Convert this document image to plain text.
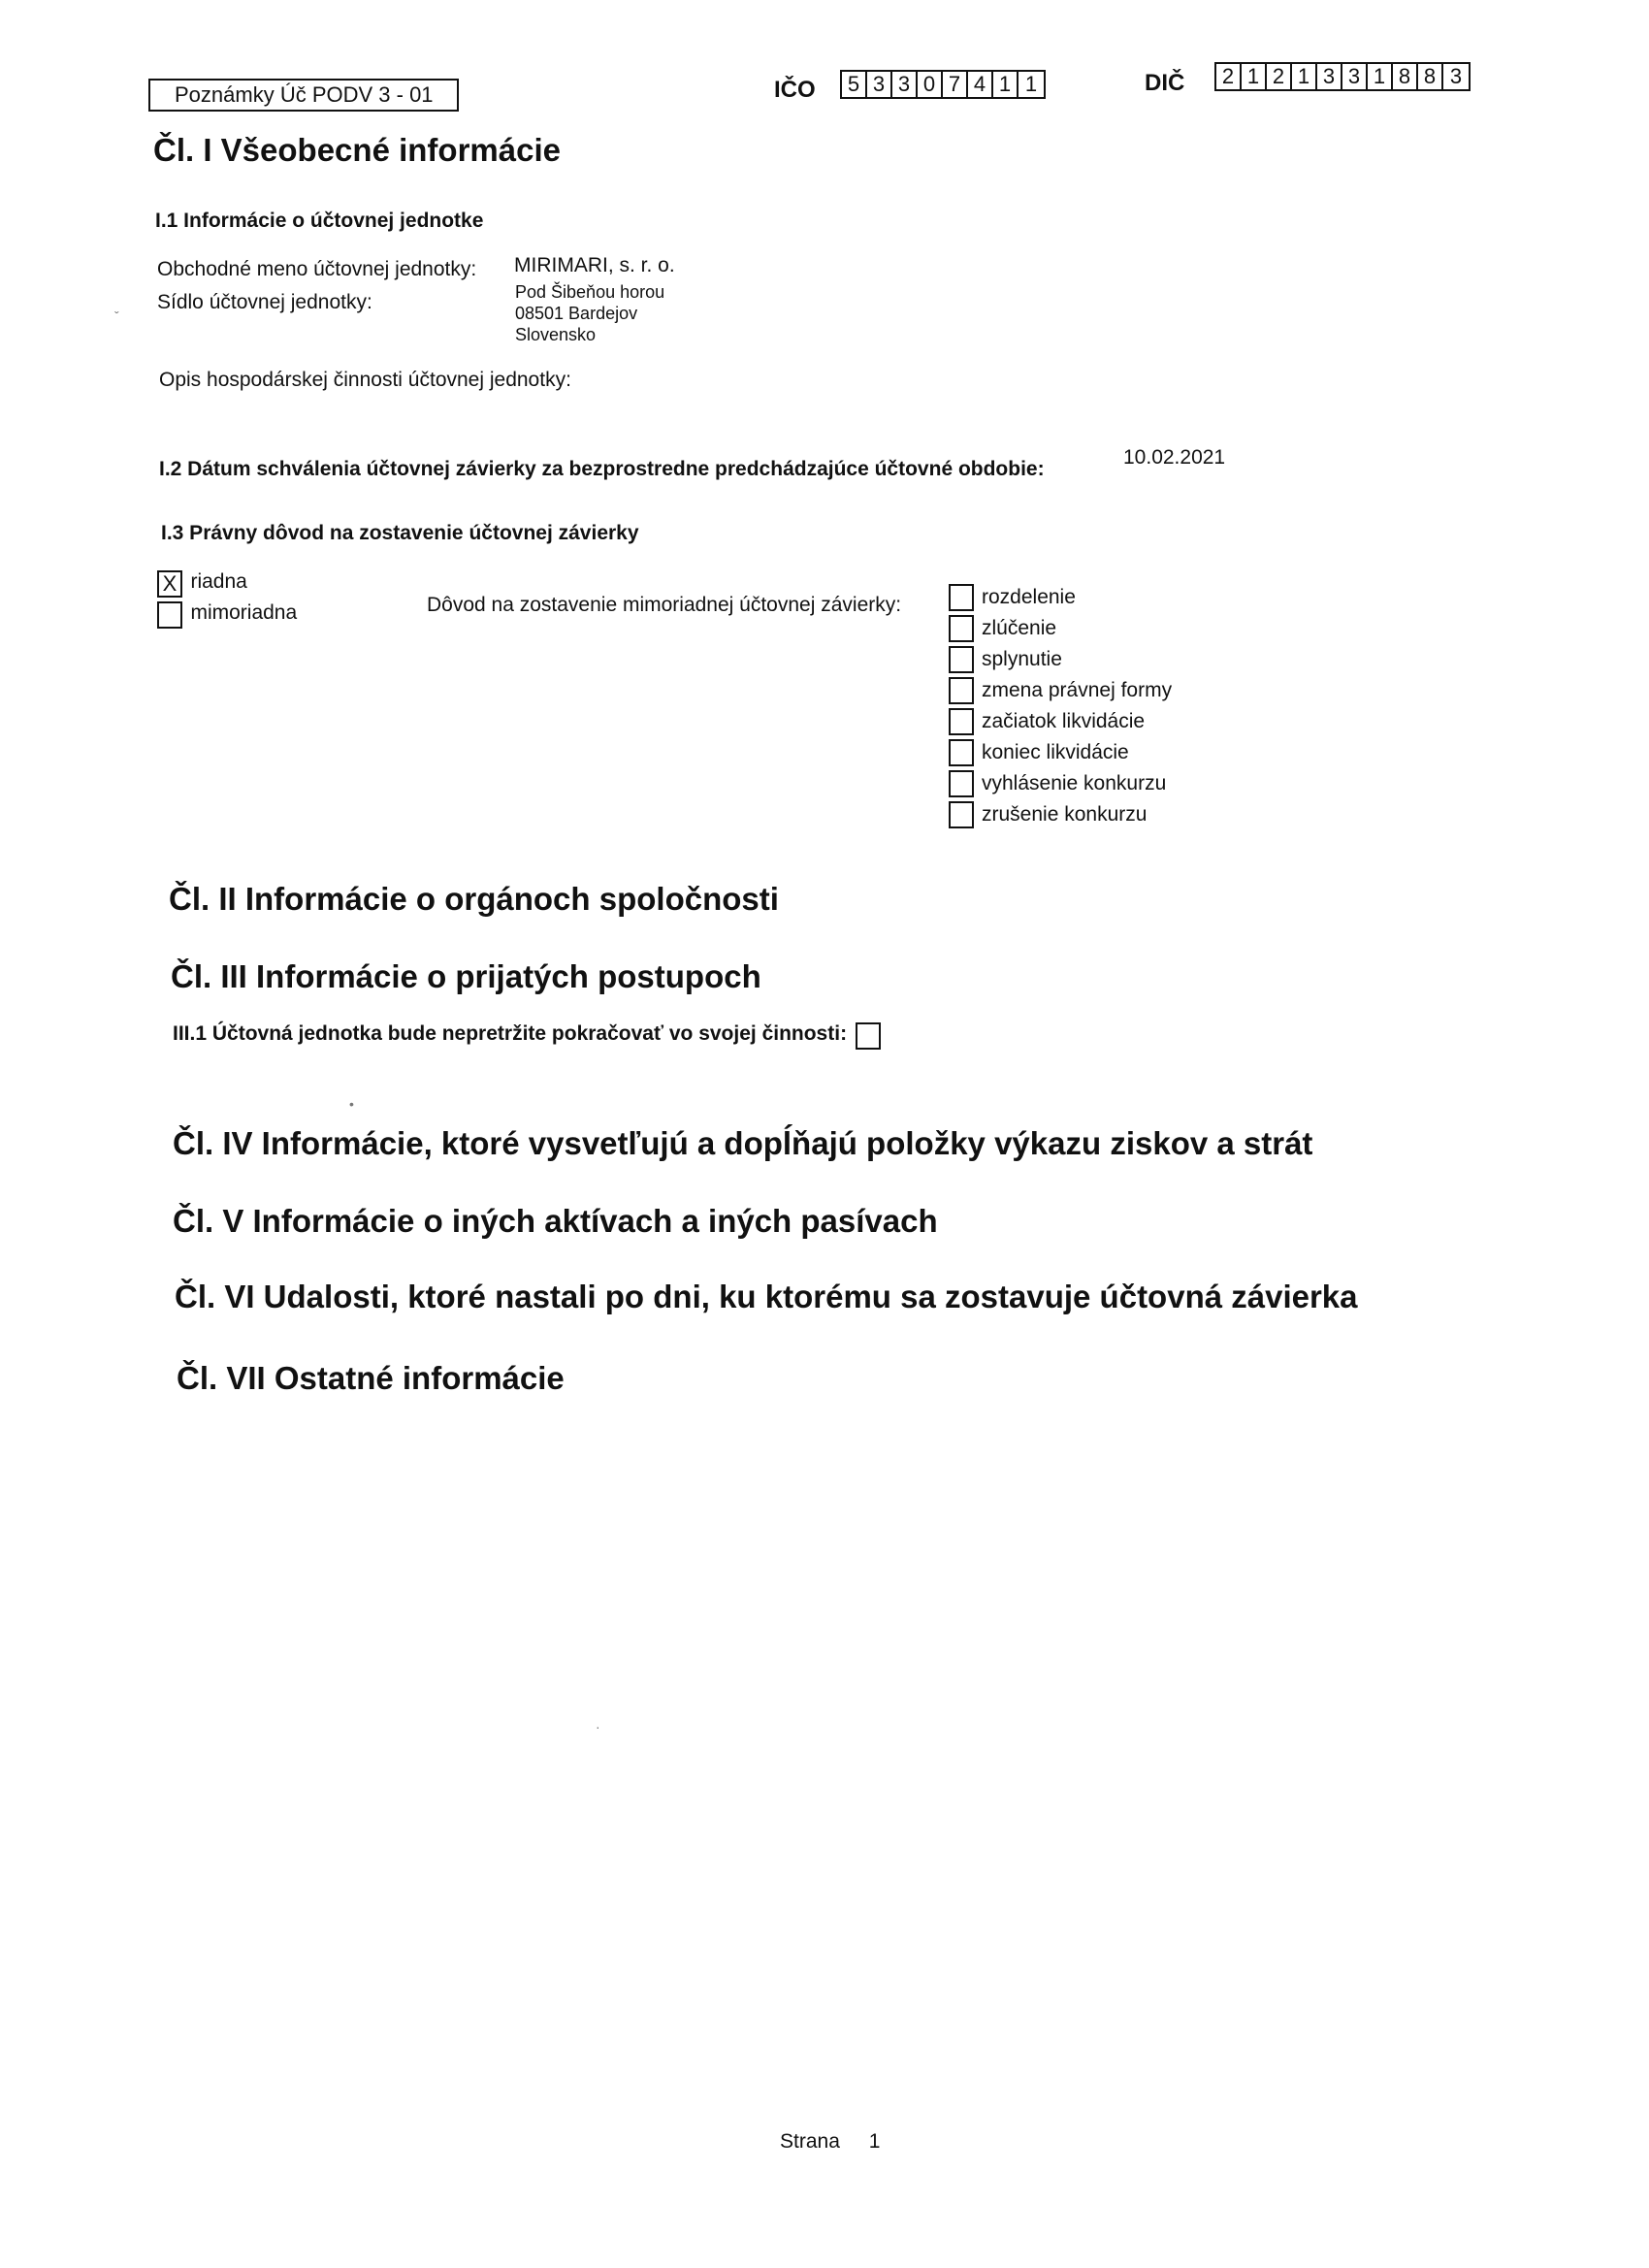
Poznámky Úč PODV 3 - 01	IČO 5 3 3 0 7 4 1 1	DIČ 2 1 2 1 3 3 1 8 8 3
Čl. I Všeobecné informácie
I.1 Informácie o účtovnej jednotke
Obchodné meno účtovnej jednotky: MIRIMARI, s. r. o.
Sídlo účtovnej jednotky:	Pod Šibeňou horou
08501 Bardejov
Slovensko
ˇ
Opis hospodárskej činnosti účtovnej jednotky:
I.2 Dátum schválenia účtovnej závierky za bezprostredne predchádzajúce účtovné obdobie:
10.02.2021
I.3 Právny dôvod na zostavenie účtovnej závierky
X riadna
mimoriadna	Dôvod na zostavenie mimoriadnej účtovnej závierky:	rozdelenie
zlúčenie
splynutie
zmena právnej formy
začiatok likvidácie
koniec likvidácie
vyhlásenie konkurzu
zrušenie konkurzu
Čl. II Informácie o orgánoch spoločnosti
Čl. III Informácie o prijatých postupoch
III.1 Účtovná jednotka bude nepretržite pokračovať vo svojej činnosti:
•
Čl. IV Informácie, ktoré vysvetľujú a dopĺňajú položky výkazu ziskov a strát
Čl. V Informácie o iných aktívach a iných pasívach
Čl. VI Udalosti, ktoré nastali po dni, ku ktorému sa zostavuje účtovná závierka
Čl. VII Ostatné informácie
·
Strana 1
